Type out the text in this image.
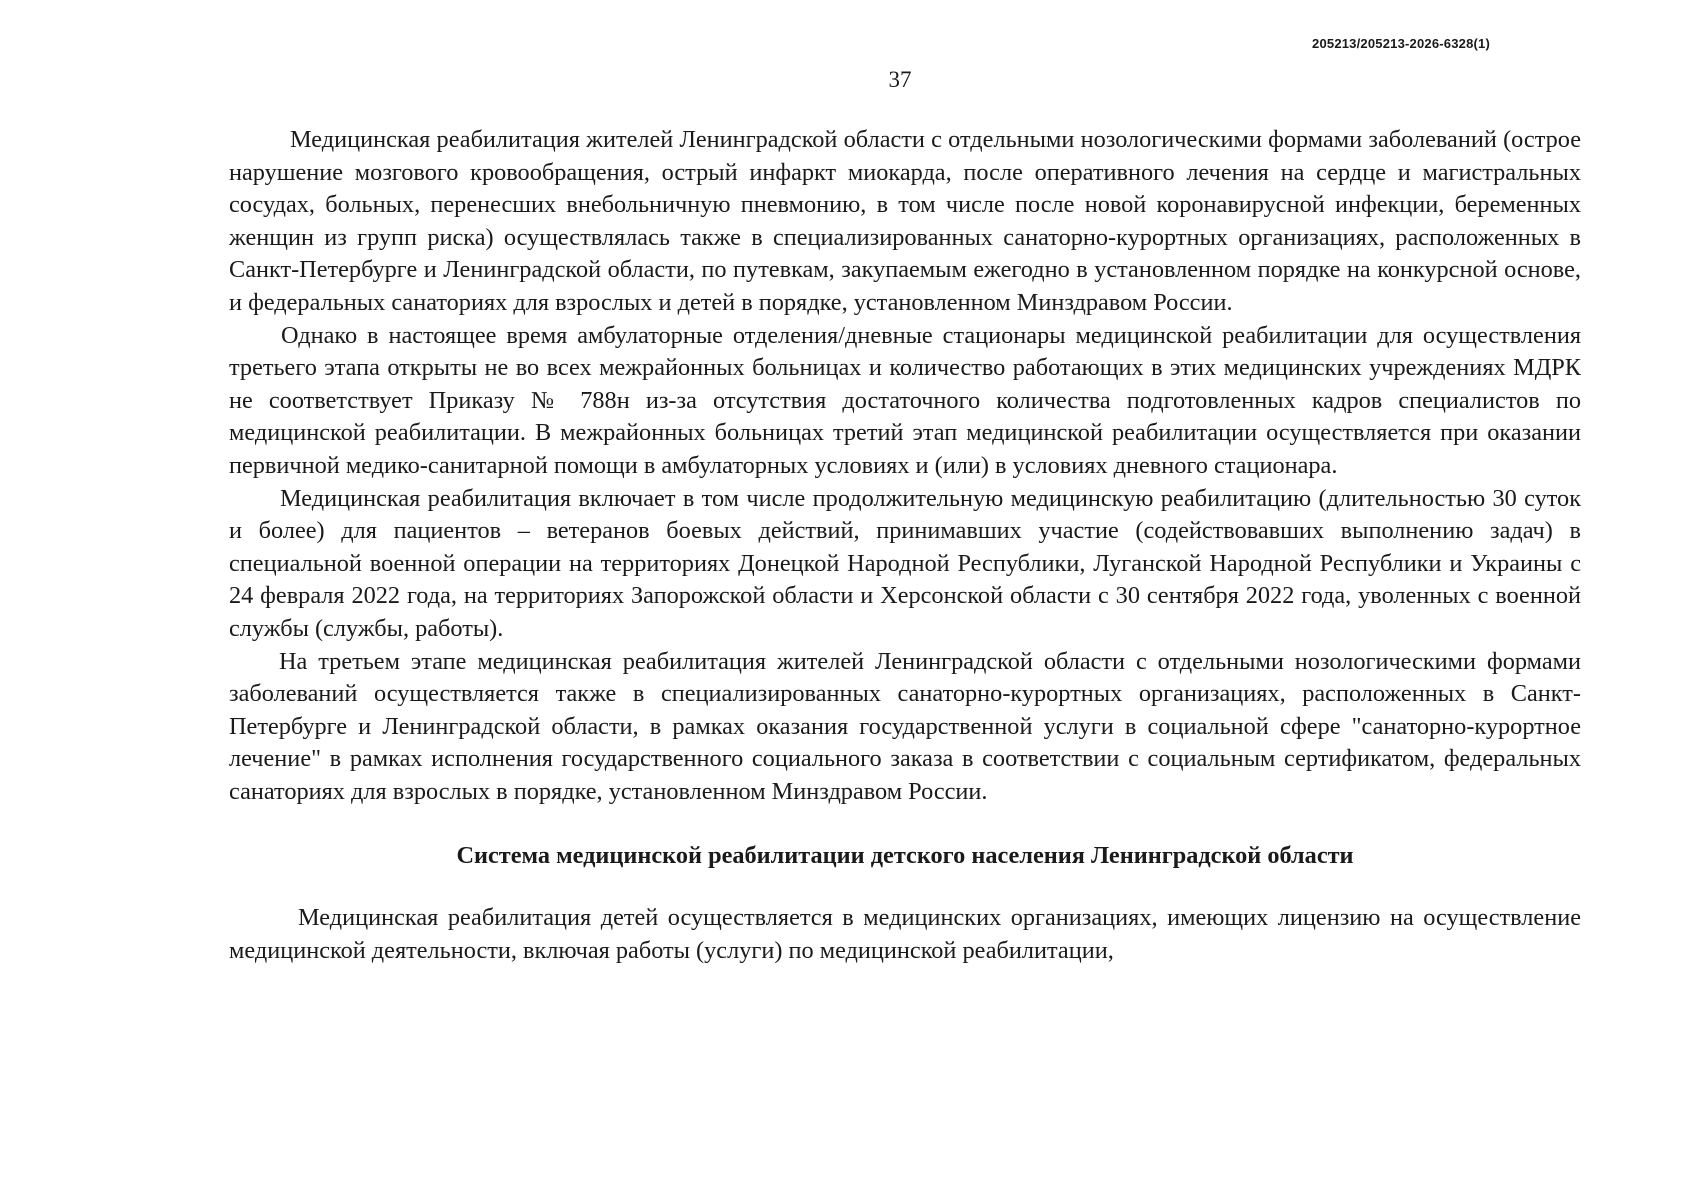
205213/205213-2026-6328(1)
37

Медицинская реабилитация жителей Ленинградской области с отдельными нозологическими формами заболеваний (острое нарушение мозгового кровообращения, острый инфаркт миокарда, после оперативного лечения на сердце и магистральных сосудах, больных, перенесших внебольничную пневмонию, в том числе после новой коронавирусной инфекции, беременных женщин из групп риска) осуществлялась также в специализированных санаторно-курортных организациях, расположенных в Санкт-Петербурге и Ленинградской области, по путевкам, закупаемым ежегодно в установленном порядке на конкурсной основе, и федеральных санаториях для взрослых и детей в порядке, установленном Минздравом России.

Однако в настоящее время амбулаторные отделения/дневные стационары медицинской реабилитации для осуществления третьего этапа открыты не во всех межрайонных больницах и количество работающих в этих медицинских учреждениях МДРК не соответствует Приказу № 788н из-за отсутствия достаточного количества подготовленных кадров специалистов по медицинской реабилитации. В межрайонных больницах третий этап медицинской реабилитации осуществляется при оказании первичной медико-санитарной помощи в амбулаторных условиях и (или) в условиях дневного стационара.

Медицинская реабилитация включает в том числе продолжительную медицинскую реабилитацию (длительностью 30 суток и более) для пациентов – ветеранов боевых действий, принимавших участие (содействовавших выполнению задач) в специальной военной операции на территориях Донецкой Народной Республики, Луганской Народной Республики и Украины с 24 февраля 2022 года, на территориях Запорожской области и Херсонской области с 30 сентября 2022 года, уволенных с военной службы (службы, работы).

На третьем этапе медицинская реабилитация жителей Ленинградской области с отдельными нозологическими формами заболеваний осуществляется также в специализированных санаторно-курортных организациях, расположенных в Санкт-Петербурге и Ленинградской области, в рамках оказания государственной услуги в социальной сфере "санаторно-курортное лечение" в рамках исполнения государственного социального заказа в соответствии с социальным сертификатом, федеральных санаториях для взрослых в порядке, установленном Минздравом России.

Система медицинской реабилитации детского населения Ленинградской области

Медицинская реабилитация детей осуществляется в медицинских организациях, имеющих лицензию на осуществление медицинской деятельности, включая работы (услуги) по медицинской реабилитации,
